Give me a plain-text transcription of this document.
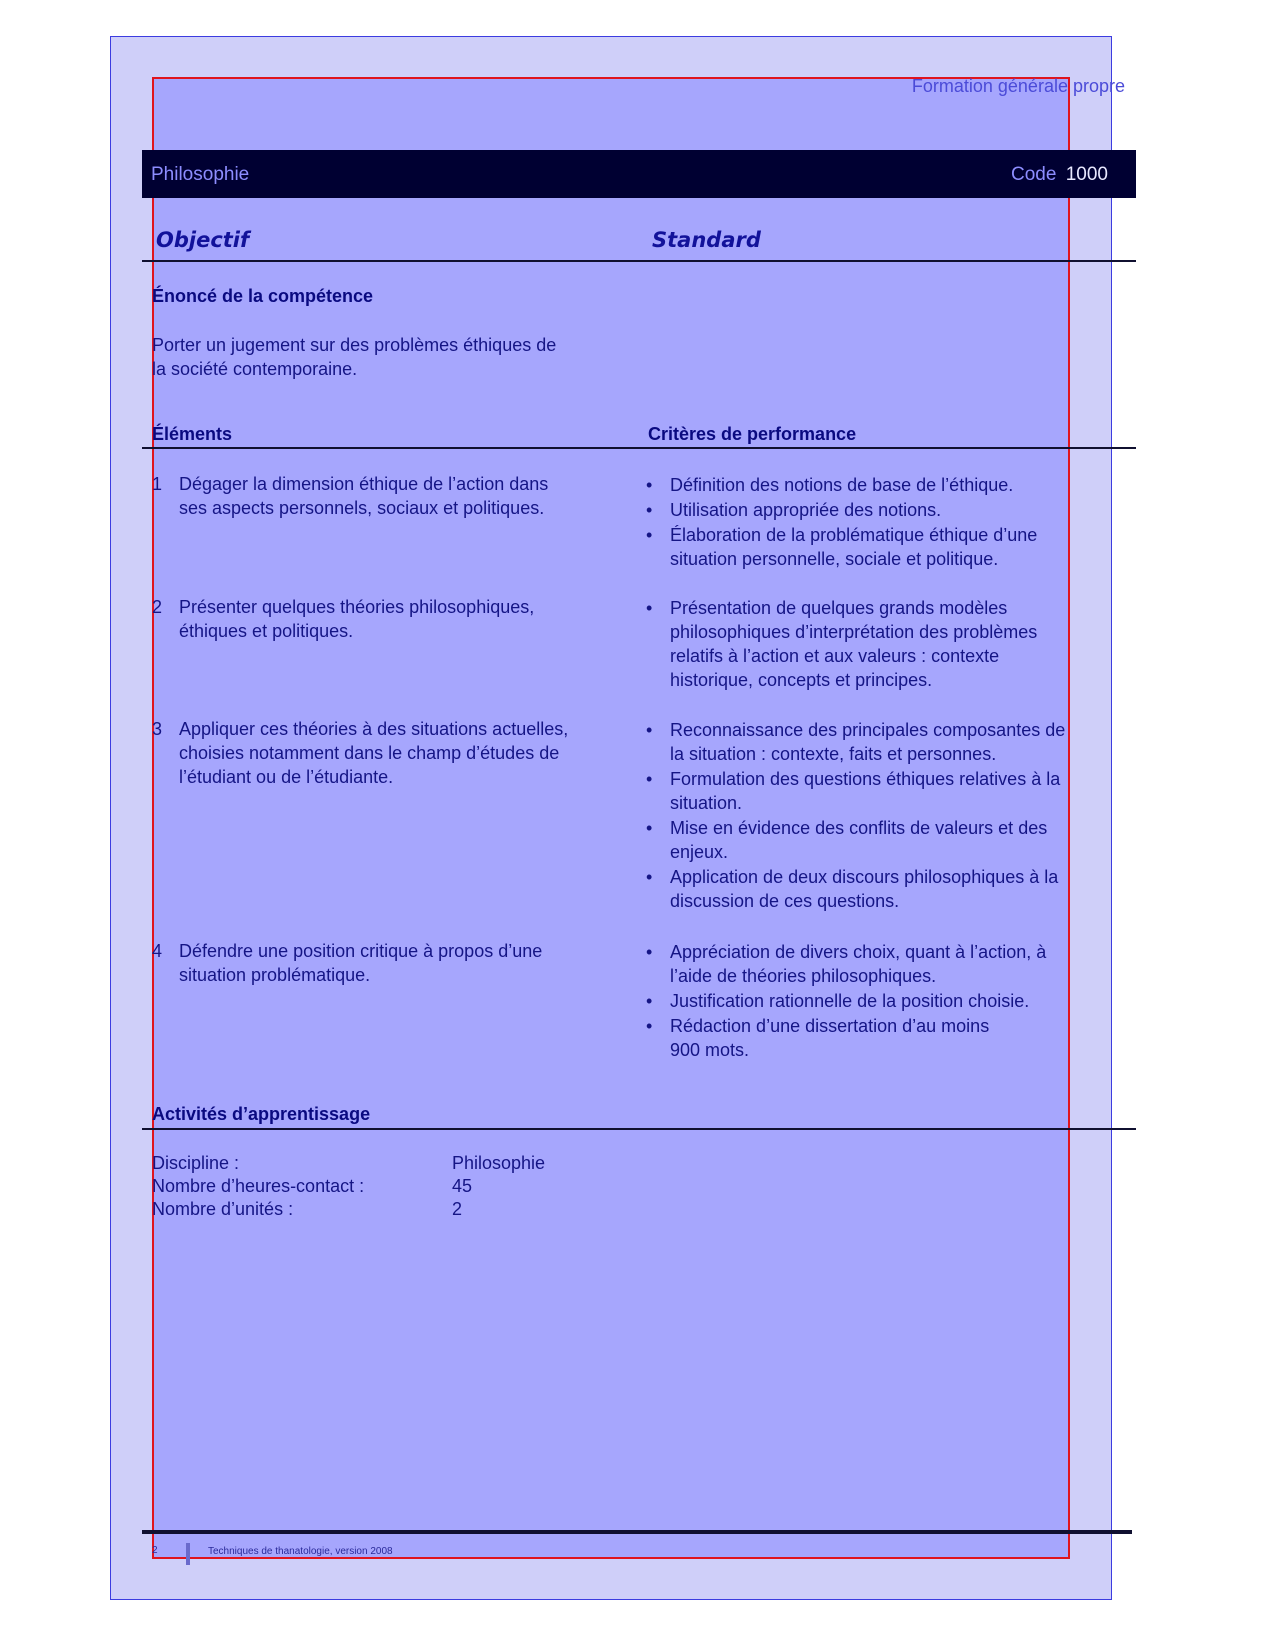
Formation générale propre
Philosophie	Code 1000
Objectif	Standard
Énoncé de la compétence
Porter un jugement sur des problèmes éthiques de
la société contemporaine.
Éléments	Critères de performance
1 Dégager la dimension éthique de l’action dans
ses aspects personnels, sociaux et politiques.
• Définition des notions de base de l’éthique.
• Utilisation appropriée des notions.
• Élaboration de la problématique éthique d’une
situation personnelle, sociale et politique.
2 Présenter quelques théories philosophiques,
éthiques et politiques.
• Présentation de quelques grands modèles
philosophiques d’interprétation des problèmes
relatifs à l’action et aux valeurs : contexte
historique, concepts et principes.
3 Appliquer ces théories à des situations actuelles,
choisies notamment dans le champ d’études de
l’étudiant ou de l’étudiante.
• Reconnaissance des principales composantes de
la situation : contexte, faits et personnes.
• Formulation des questions éthiques relatives à la
situation.
• Mise en évidence des conflits de valeurs et des
enjeux.
• Application de deux discours philosophiques à la
discussion de ces questions.
4 Défendre une position critique à propos d’une
situation problématique.
• Appréciation de divers choix, quant à l’action, à
l’aide de théories philosophiques.
• Justification rationnelle de la position choisie.
• Rédaction d’une dissertation d’au moins
900 mots.
Activités d’apprentissage
Discipline :	Philosophie
Nombre d’heures-contact :	45
Nombre d’unités :	2
2	Techniques de thanatologie, version 2008
